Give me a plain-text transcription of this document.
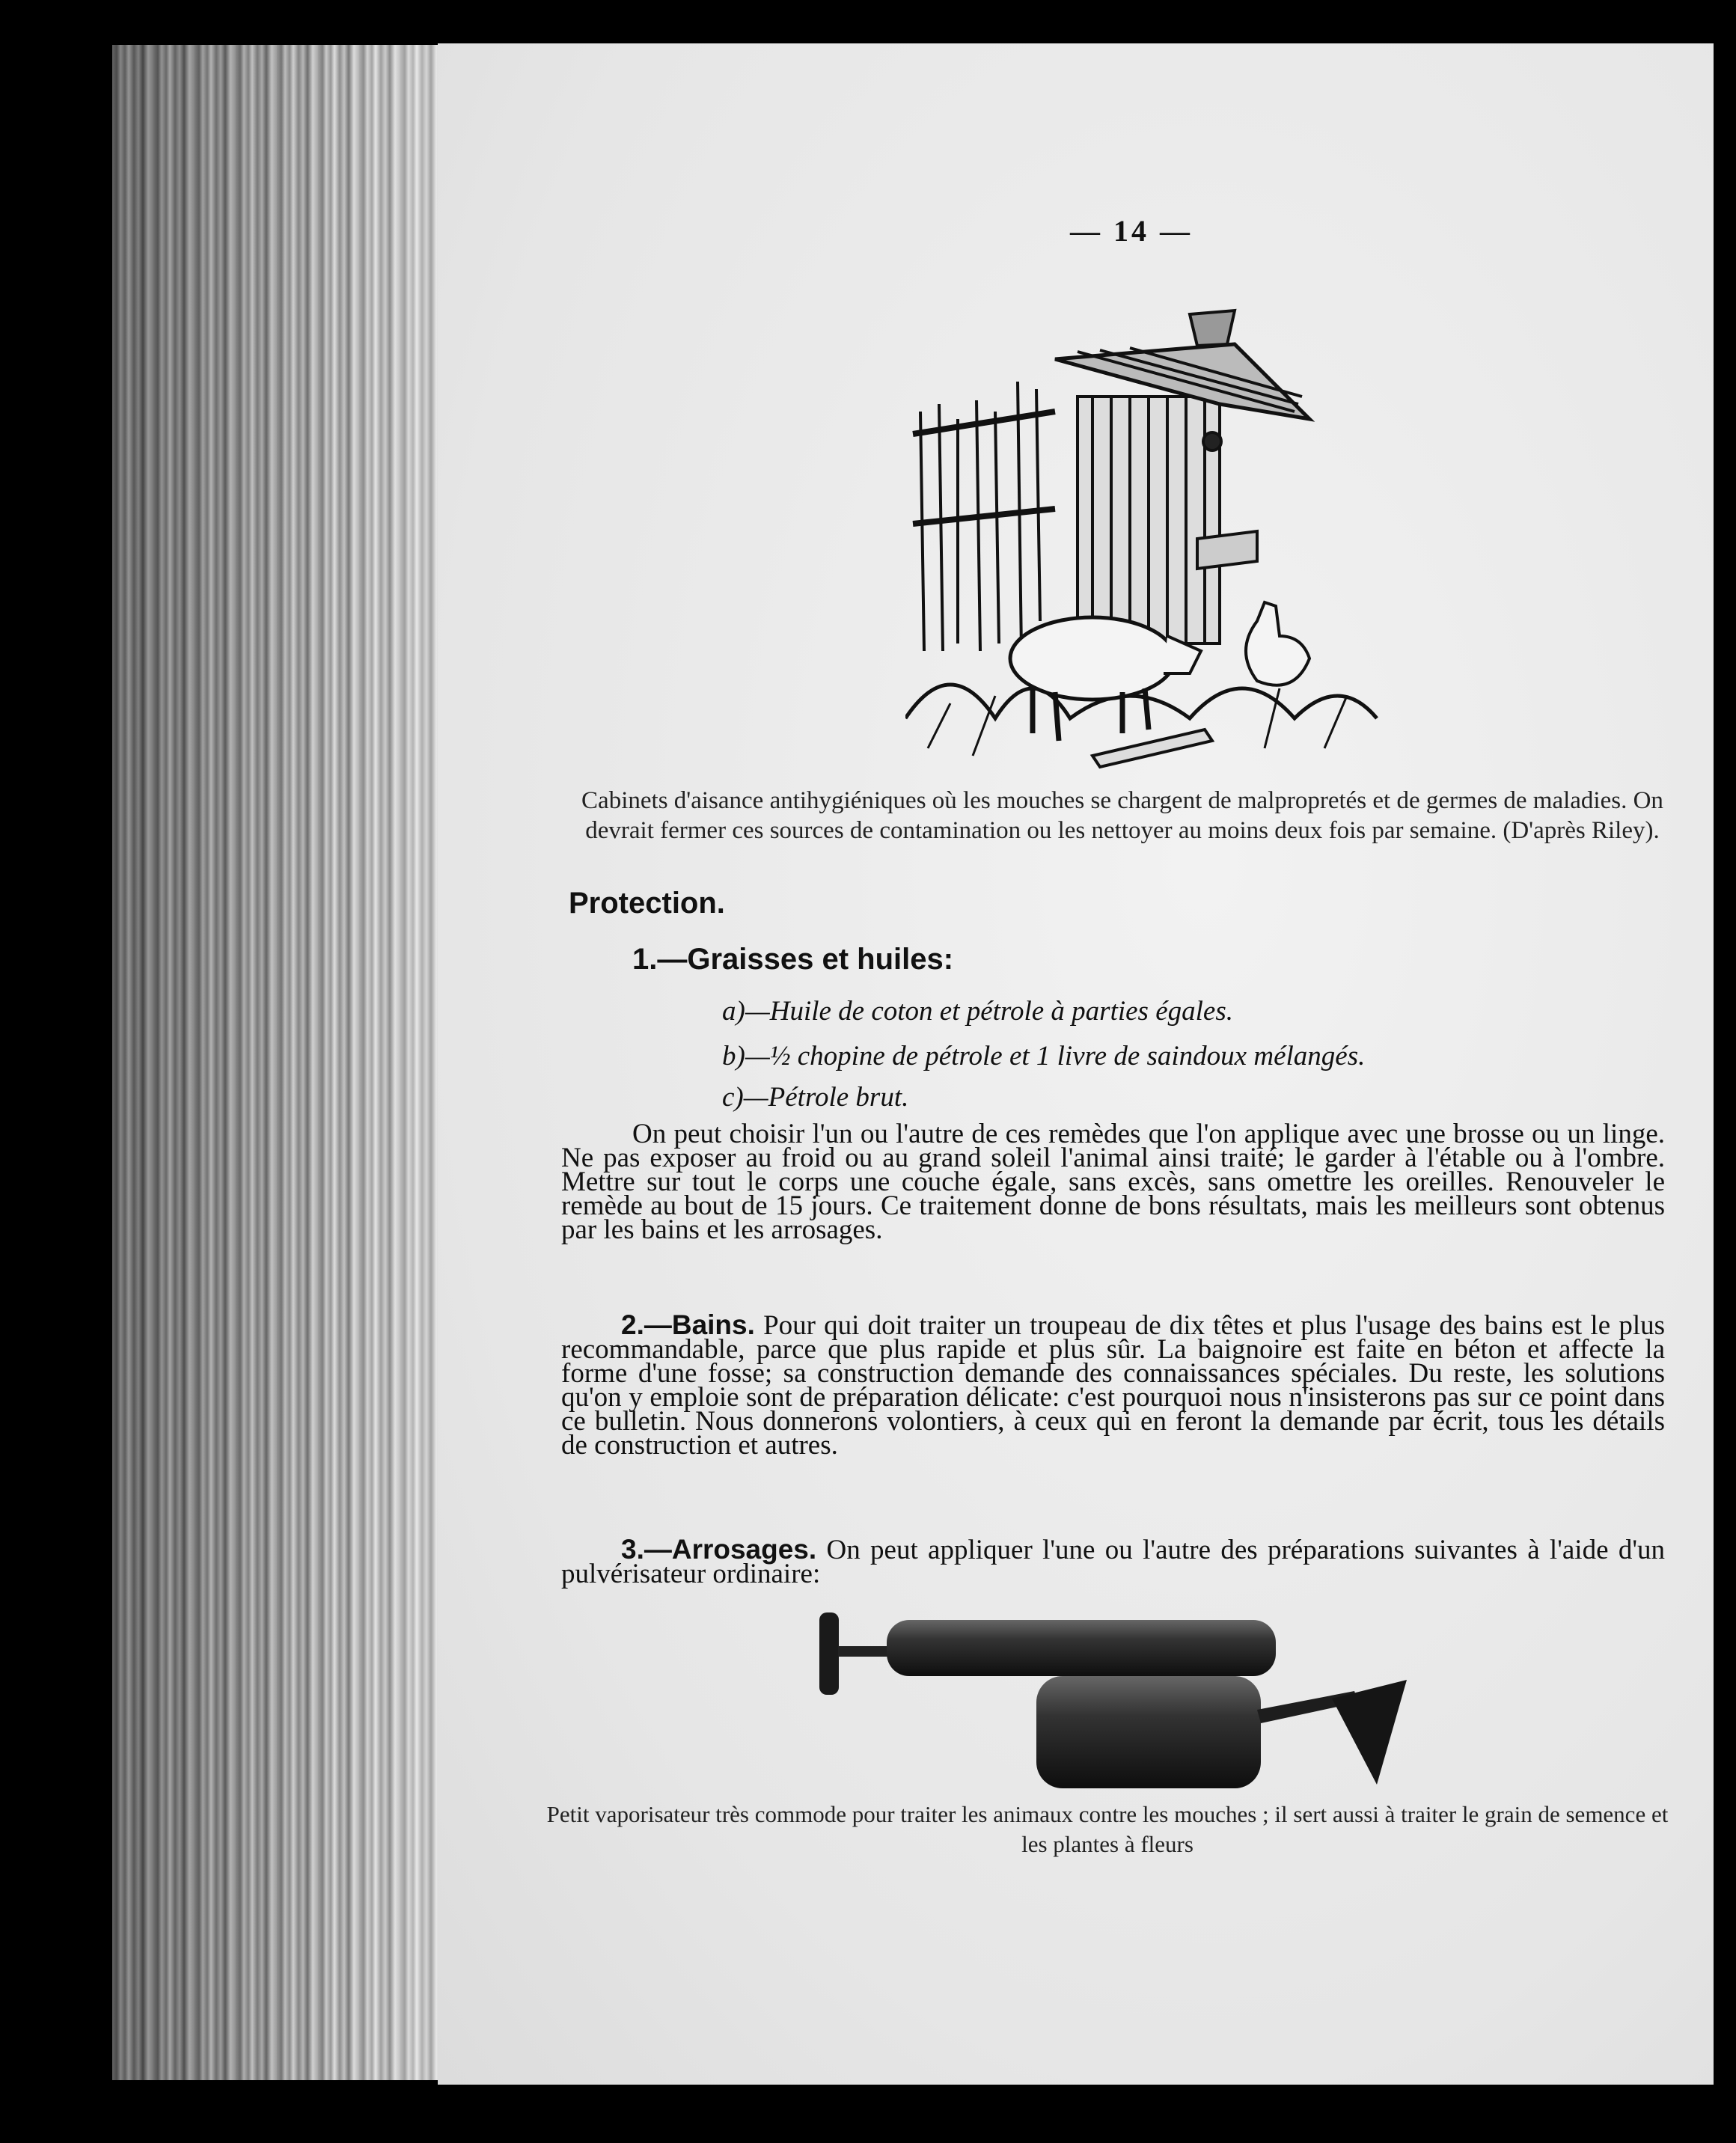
— 14 —
Cabinets d'aisance antihygiéniques où les mouches se chargent de malpropretés et de germes de maladies. On devrait fermer ces sources de contamination ou les nettoyer au moins deux fois par semaine. (D'après Riley).
Protection.
1.—Graisses et huiles:
a)—Huile de coton et pétrole à parties égales.
b)—½ chopine de pétrole et 1 livre de saindoux mélangés.
c)—Pétrole brut.
On peut choisir l'un ou l'autre de ces remèdes que l'on applique avec une brosse ou un linge. Ne pas exposer au froid ou au grand soleil l'animal ainsi traité; le garder à l'étable ou à l'ombre. Mettre sur tout le corps une couche égale, sans excès, sans omettre les oreilles. Renouveler le remède au bout de 15 jours. Ce traitement donne de bons résultats, mais les meilleurs sont obtenus par les bains et les arrosages.
2.—Bains. Pour qui doit traiter un troupeau de dix têtes et plus l'usage des bains est le plus recommandable, parce que plus rapide et plus sûr. La baignoire est faite en béton et affecte la forme d'une fosse; sa construction demande des connaissances spéciales. Du reste, les solutions qu'on y emploie sont de préparation délicate: c'est pourquoi nous n'insisterons pas sur ce point dans ce bulletin. Nous donnerons volontiers, à ceux qui en feront la demande par écrit, tous les détails de construction et autres.
3.—Arrosages. On peut appliquer l'une ou l'autre des préparations suivantes à l'aide d'un pulvérisateur ordinaire:
Petit vaporisateur très commode pour traiter les animaux contre les mouches ; il sert aussi à traiter le grain de semence et les plantes à fleurs
